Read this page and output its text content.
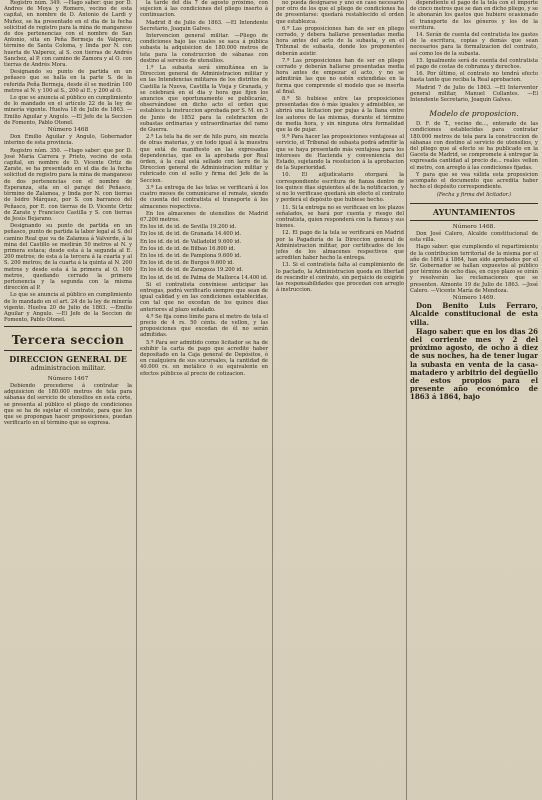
Registro núm. 349. —Hago saber: que por D. Andres de Moya y Romero, vecino de esta capital, en nombre de D. Antonio de Lardi y Muñoz, se ha presentado en el dia de la fecha solicitud de registro para la mina de manganeso de dos pertenencias con el nombre de San Antonio, sita en Peña Bermeja de Valperez, término de Santa Coloma, y linda por N. con huerta de Valperez, al S. con tierras de Andrés Sanchez, al P. con camino de Zamora y al O. con tierras de Andrés Mora.

Designando su punto de partida en un peñasco que se halla en la parte S. de la referida Peña Bermeja, desde él se medirán 100 metros al N. y 100 al S., 200 al E. y 200 al O.

Lo que se anuncia al público en cumplimiento de lo mandado en el artículo 22 de la ley de minería vigente. Huelva 18 de Julio de 1863. —Emilio Aguilar y Angulo. —El Jefe de la Seccion de Fomento, Pablo Otonel.

Número 1468

Don Emilio Aguilar y Angulo, Gobernador interino de esta provincia.

Registro núm. 350. —Hago saber: que por D. José María Carrera y Prieto, vecino de esta capital, en nombre de D. Vicente Ortiz de Zarate, se ha presentado en el dia de la fecha solicitud de registro para la mina de manganeso de dos pertenencias con el nombre de Esperanza, sita en el paraje del Peñasco, término de Zalamea, y linda por N. con tierras de Isidro Márquez, por S. con barranco del Peñasco, por E. con tierras de D. Vicente Ortiz de Zarate y Francisco Castilla y S. con tierras de Jesús Bejarano.

Designando su punto de partida en un peñasco, punto de partida la labor legal al S. del camino Real que va de Zalamea á Valverde, á la mina del Castillo se medirán 50 metros al N. y primera estaca; desde esta á la segunda al E. 200 metros; de esta á la tercera á la cuarta y al S. 200 metros; de la cuarta á la quinta al N. 200 metros y desde esta á la primera al O. 100 metros, quedando cerrado la primera pertenencia y la segunda con la misma dirección al P.

Lo que se anuncia al público en cumplimiento de lo mandado en el art. 24 de la ley de minería vigente. Huelva 20 de Julio de 1863. —Emilio Aguilar y Angulo. —El Jefe de la Seccion de Fomento, Pablo Otonel.

Tercera seccion
DIRECCION GENERAL DE
administracion militar.

Número 1467

Debiendo procederse á contratar la adquisicion de 180.000 metros de tela para sábanas del servicio de utensilios en esta córte, se presenta al público el pliego de condiciones que se ha de sujetar el contrato, para que los que se propongan hacer proposiciones, puedan verificarlo en el término que se expresa.

la tarde del dia 7 de agosto próximo, con sujecion á las condiciones del pliego inserto á continuacion.

Madrid 8 de Julio de 1863. —El Intendente Secretario, Joaquin Galves.

Intervencion general militar. —Pliego de condiciones bajo las cuales se saca á pública subasta la adquisicion de 180.000 metros de tela para la construccion de sábanas con destino al servicio de utensilios.

1.ª La subasta será simultánea en la Direccion general de Administracion militar y en las Intendencias militares de los distritos de Castilla la Nueva, Castilla la Vieja y Granada, y se celebrará en el dia y hora que fijen los anuncios que oportunamente se publicarán, observándose en dicho acto el orden que establece la instruccion aprobada por S. M. en 3 de Junio de 1852 para la celebracion de subastas ordinarias y extraordinarias del ramo de Guerra.

2.ª La tela ha de ser de hilo puro, sin mezcla de otras materias, y en todo igual á la muestra que está de manifiesto en las expresadas dependencias, que es la aprobada por Real órden, á la cual está sellado con lacre de la Direccion general de Administracion militar y rubricado con el sello y firma del Jefe de la Seccion.

3.ª La entrega de las telas se verificará á los cuatro meses de comunicarse el remate, siendo de cuenta del contratista el transporte á los almacenes respectivos.

En los almacenes de utensilios de Madrid 67.200 metros.

En los id. de id. de Sevilla 19.200 id.

En los id. de id. de Granada 14.400 id.

En los id. de id. de Valladolid 9.600 id.

En los id. de id. de Bilbao 16.800 id.

En los id. de id. de Pamplona 9.600 id.

En los id. de id. de Burgos 9.600 id.

En los id. de id. de Zaragoza 19.200 id.

En los id. de id. de Palma de Mallorca 14.400 id.

Si el contratista conviniese anticipar las entregas, podrá verificarlo siempre que sean de igual calidad y en las condiciones establecidas, con tal que no excedan de los quince dias anteriores al plazo señalado.

4.ª Se fija como límite para el metro de tela el precio de 4 rs. 50 cénts. de vellon, y las proposiciones que excedan de él no serán admitidas.

5.ª Para ser admitido como licitador se ha de exhibir la carta de pago que acredite haber depositado en la Caja general de Depósitos, ó en cualquiera de sus sucursales, la cantidad de 40.000 rs. en metálico ó su equivalente en efectos públicos al precio de cotizacion.

no pueda designarse y uno en caso necesario por otro de los que el pliego de condiciones ha de presentarse: quedará restablecido el orden que establezca.

6.ª Las proposiciones han de ser en pliego cerrado, y debera hallarse presentadas media hora antes del acto de la subasta, y en el Tribunal de subasta, donde los proponentes deberán asistir.

7.ª Las proposiciones han de ser en pliego cerrado y deberán hallarse presentadas media hora antes de empezar el acto, y no se admitirán las que no estén extendidas en la forma que comprende el modelo que se inserta al final.

8.ª Si hubiese entre las proposiciones presentadas dos ó más iguales y admisibles, se abrirá una licitacion por pujas á la llana entre los autores de las mismas, durante el término de media hora, y sin ninguna otra formalidad que la de pujar.

9.ª Para hacer las proposiciones ventajosas al servicio, el Tribunal de subasta podrá admitir la que se haya presentado más ventajosa para los intereses de Hacienda y conveniencia del Estado, sujetando la resolucion á la aprobacion de la Superioridad.

10. El adjudicatario otorgará la correspondiente escritura de fianza dentro de los quince dias siguientes al de la notificacion, y si no lo verificase quedará sin efecto el contrato y perderá el depósito que hubiese hecho.

11. Si la entrega no se verificase en los plazos señalados, se hará por cuenta y riesgo del contratista, quien responderá con la fianza y sus bienes.

12. El pago de la tela se verificará en Madrid por la Pagaduría de la Direccion general de Administracion militar, por certificados de los jefes de los almacenes respectivos que acrediten haber hecho la entrega.

13. Si el contratista falta al cumplimiento de lo pactado, la Administracion queda en libertad de rescindir el contrato, sin perjuicio de exigirle las responsabilidades que procedan con arreglo á instruccion.

dependiente el pago de la tela con el importe de cinco metros que se dan en dicho pliego, y se le abonarán los gastos que hubiere ocasionado el transporte de los géneros y los de la escritura.

14. Serán de cuenta del contratista los gastos de la escritura, copias y demás que sean necesarios para la formalizacion del contrato, así como los de la subasta.

15. Igualmente será de cuenta del contratista el pago de costas de cobranza y derechos.

16. Por último, el contrato no tendrá efecto hasta tanto que reciba la Real aprobacion.

Madrid 7 de Julio de 1863. —El Interventor general militar, Manuel Collantes. —El Intendente Secretario, Joaquin Galves.

Modelo de proposicion.

D. F. de T., vecino de..., enterado de las condiciones establecidas para contratar 180.000 metros de tela para la construccion de sábanas con destino al servicio de utensilios, y del pliego que al efecto se ha publicado en la Gaceta de Madrid, se compromete á entregar la expresada cantidad al precio de... reales vellon el metro, con arreglo á las condiciones fijadas.

Y para que se vea válida esta proposicion acompaño el documento que acredita haber hecho el depósito correspondiente.

(Fecha y firma del licitador.)
AYUNTAMIENTOS

Número 1468.

Don José Calero, Alcalde constitucional de esta villa.

Hago saber: que cumpliendo el repartimiento de la contribucion territorial de la misma por el año de 1863 á 1864, han sido aprobados por el Sr. Gobernador se hallan expuestos al público por término de ocho dias, en cuyo plazo se oirán y resolverán las reclamaciones que se presenten. Almonte 19 de Julio de 1863. —José Calero. —Vicente María de Mendoza.

Número 1469.

Don Benito Luis Ferraro, Alcalde constitucional de esta villa.

Hago saber: que en los dias 26 del corriente mes y 2 del próximo agosto, de ocho á diez de sus noches, ha de tener lugar la subasta en venta de la casa-matadero y arbitrio del degüello de estos propios para el presente año económico de 1863 á 1864, bajo
